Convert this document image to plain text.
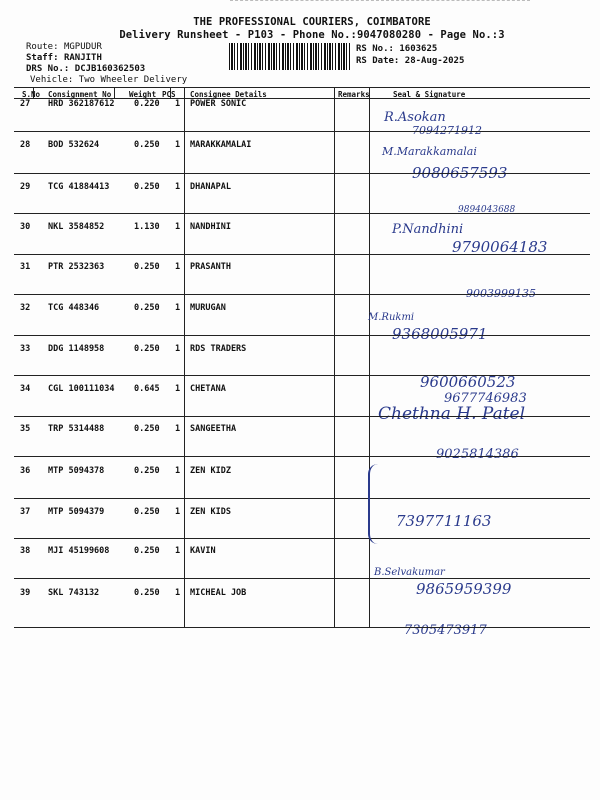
THE PROFESSIONAL COURIERS, COIMBATORE
Delivery Runsheet - P103 - Phone No.:9047080280 - Page No.:3
Route: MGPUDUR
Staff: RANJITH
DRS No.: DCJB160362503
Vehicle: Two Wheeler Delivery
RS No.: 1603625
RS Date: 28-Aug-2025
S.No Consignment No Weight PCS Consignee Details	Remarks	Seal & Signature
27 HRD 362187612 0.220 1 POWER SONIC
R.Asokan
7094271912
28 BOD 532624	0.250 1 MARAKKAMALAI	M.Marakkamalai
9080657593
29 TCG 41884413	0.250 1 DHANAPAL
9894043688
30 NKL 3584852	1.130 1 NANDHINI	P.Nandhini
9790064183
31 PTR 2532363	0.250 1 PRASANTH
9003999135
32 TCG 448346	0.250 1 MURUGAN
M.Rukmi
9368005971
33 DDG 1148958	0.250 1 RDS TRADERS
9600660523
34 CGL 100111034 0.645 1 CHETANA
Chethna H. Patel
9677746983
35 TRP 5314488	0.250 1 SANGEETHA
9025814386
36 MTP 5094378	0.250 1 ZEN KIDZ
37 MTP 5094379	0.250 1 ZEN KIDS	7397711163
38 MJI 45199608	0.250 1 KAVIN
B.Selvakumar
9865959399
39 SKL 743132	0.250 1 MICHEAL JOB
7305473917
